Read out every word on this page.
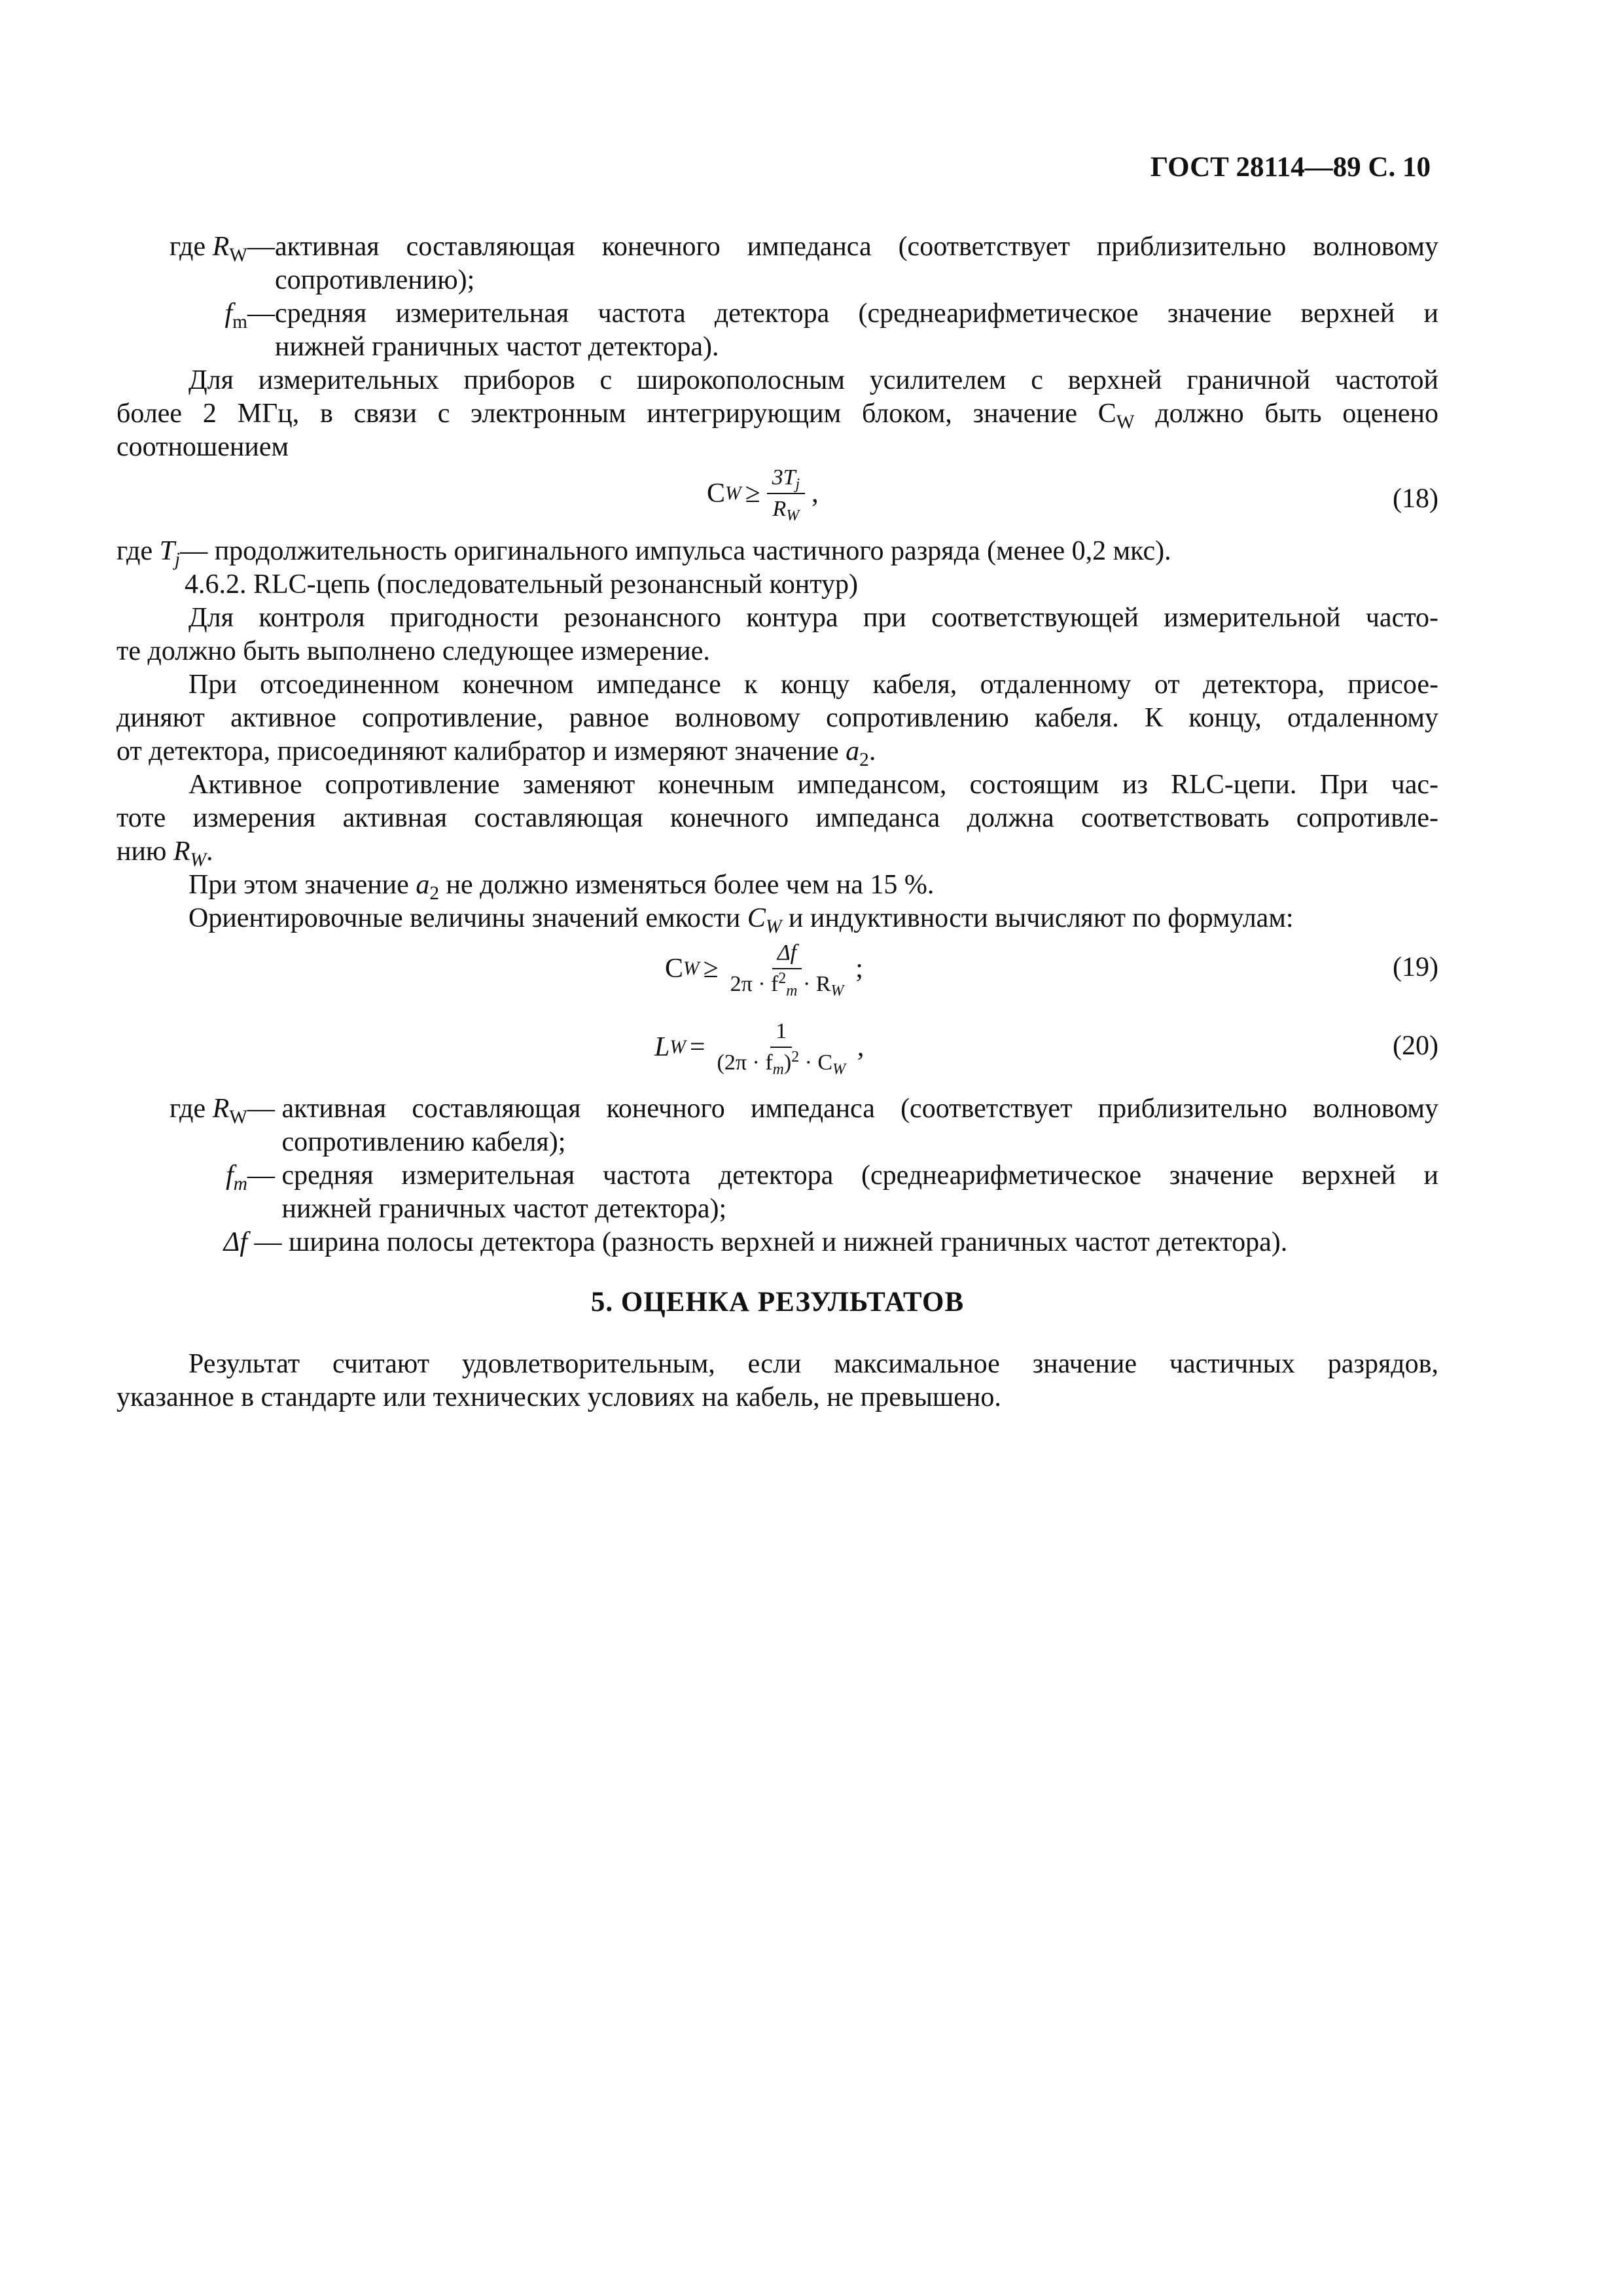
ГОСТ 28114—89 С. 10
где $R_W$ — активная составляющая конечного импеданса (соответствует приблизительно волновому

сопротивлению);

$f_m$ — средняя измерительная частота детектора (среднеарифметическое значение верхней и

нижней граничных частот детектора).

Для измерительных приборов с широкополосным усилителем с верхней граничной частотой

более 2 МГц, в связи с электронным интегрирующим блоком, значение $C_W$ должно быть оценено

соотношением

C $W \ge \frac{3T_j}{R_W}$ ,	(18)

где $T_j—$ продолжительность оригинального импульса частичного разряда (менее 0,2 мкс).

4.6.2. RLC-цепь (последовательный резонансный контур)

Для контроля пригодности резонансного контура при соответствующей измерительной часто-

те должно быть выполнено следующее измерение.

При отсоединенном конечном импедансе к концу кабеля, отдаленному от детектора, присое-

диняют активное сопротивление, равное волновому сопротивлению кабеля. К концу, отдаленному

от детектора, присоединяют калибратор и измеряют значение $a_2$.

Активное сопротивление заменяют конечным импедансом, состоящим из RLC-цепи. При час-

тоте измерения активная составляющая конечного импеданса должна соответствовать сопротивле-

нию $R_W$.

При этом значение $a_2$ не должно изменяться более чем на 15 %.

Ориентировочные величины значений емкости $C_W$ и индуктивности вычисляют по формулам:

C $W \ge \frac{\Delta f}{2\pi \cdot f^2_m \cdot R_W}$ ;	(19)
L $W = \frac{1}{(2\pi \cdot f_m)^2 \cdot C_W}$ ,	(20)
где $R_W$ — активная составляющая конечного импеданса (соответствует приблизительно волновому

сопротивлению кабеля);

$f_m$ — средняя измерительная частота детектора (среднеарифметическое значение верхней и

нижней граничных частот детектора);

Δf — ширина полосы детектора (разность верхней и нижней граничных частот детектора).

5. ОЦЕНКА РЕЗУЛЬТАТОВ

Результат считают удовлетворительным, если максимальное значение частичных разрядов,

указанное в стандарте или технических условиях на кабель, не превышено.
